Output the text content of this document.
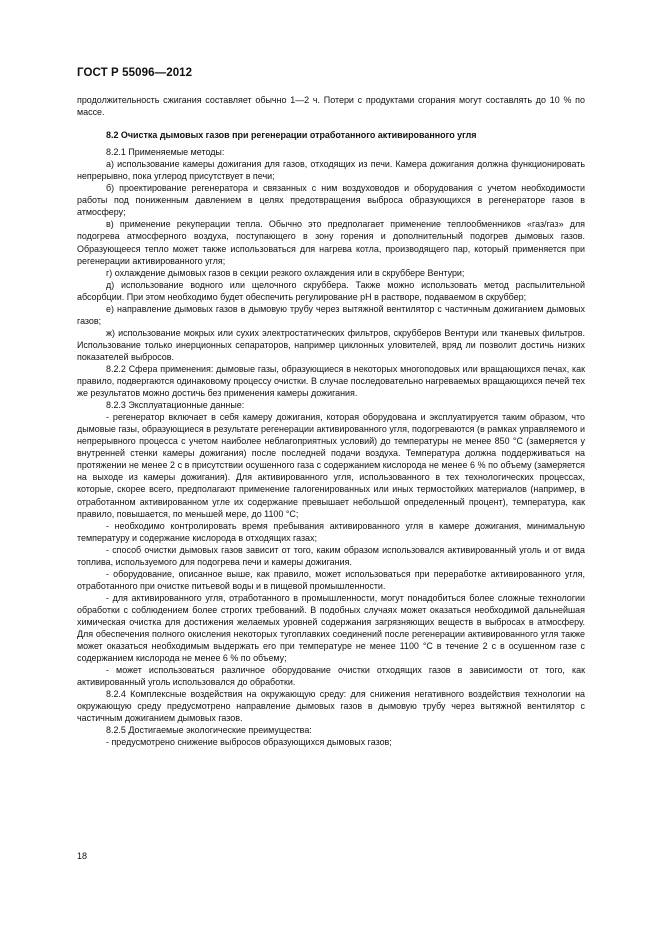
ГОСТ Р 55096—2012

продолжительность сжигания составляет обычно 1—2 ч. Потери с продуктами сгорания могут составлять до 10 % по массе.

8.2 Очистка дымовых газов при регенерации отработанного активированного угля

8.2.1 Применяемые методы:

а) использование камеры дожигания для газов, отходящих из печи. Камера дожигания должна функционировать непрерывно, пока углерод присутствует в печи;

б) проектирование регенератора и связанных с ним воздуховодов и оборудования с учетом необходимости работы под пониженным давлением в целях предотвращения выброса образующихся в регенераторе газов в атмосферу;

в) применение рекуперации тепла. Обычно это предполагает применение теплообменников «газ/газ» для подогрева атмосферного воздуха, поступающего в зону горения и дополнительный подогрев дымовых газов. Образующееся тепло может также использоваться для нагрева котла, производящего пар, который применяется при регенерации активированного угля;

г) охлаждение дымовых газов в секции резкого охлаждения или в скруббере Вентури;

д) использование водного или щелочного скруббера. Также можно использовать метод распылительной абсорбции. При этом необходимо будет обеспечить регулирование pH в растворе, подаваемом в скруббер;

е) направление дымовых газов в дымовую трубу через вытяжной вентилятор с частичным дожиганием дымовых газов;

ж) использование мокрых или сухих электростатических фильтров, скрубберов Вентури или тканевых фильтров. Использование только инерционных сепараторов, например циклонных уловителей, вряд ли позволит достичь низких показателей выбросов.

8.2.2 Сфера применения: дымовые газы, образующиеся в некоторых многоподовых или вращающихся печах, как правило, подвергаются одинаковому процессу очистки. В случае последовательно нагреваемых вращающихся печей тех же результатов можно достичь без применения камеры дожигания.

8.2.3 Эксплуатационные данные:

- регенератор включает в себя камеру дожигания, которая оборудована и эксплуатируется таким образом, что дымовые газы, образующиеся в результате регенерации активированного угля, подогреваются (в рамках управляемого и непрерывного процесса с учетом наиболее неблагоприятных условий) до температуры не менее 850 °С (замеряется у внутренней стенки камеры дожигания) после последней подачи воздуха. Температура должна поддерживаться на протяжении не менее 2 с в присутствии осушенного газа с содержанием кислорода не менее 6 % по объему (замеряется на выходе из камеры дожигания). Для активированного угля, использованного в тех технологических процессах, которые, скорее всего, предполагают применение галогенированных или иных термостойких материалов (например, в отработанном активированном угле их содержание превышает небольшой определенный процент), температура, как правило, повышается, по меньшей мере, до 1100 °С;

- необходимо контролировать время пребывания активированного угля в камере дожигания, минимальную температуру и содержание кислорода в отходящих газах;

- способ очистки дымовых газов зависит от того, каким образом использовался активированный уголь и от вида топлива, используемого для подогрева печи и камеры дожигания.

- оборудование, описанное выше, как правило, может использоваться при переработке активированного угля, отработанного при очистке питьевой воды и в пищевой промышленности.

- для активированного угля, отработанного в промышленности, могут понадобиться более сложные технологии обработки с соблюдением более строгих требований. В подобных случаях может оказаться необходимой дальнейшая химическая очистка для достижения желаемых уровней содержания загрязняющих веществ в выбросах в атмосферу. Для обеспечения полного окисления некоторых тугоплавких соединений после регенерации активированного угля также может оказаться необходимым выдержать его при температуре не менее 1100 °С в течение 2 с в осушенном газе с содержанием кислорода не менее 6 % по объему;

- может использоваться различное оборудование очистки отходящих газов в зависимости от того, как активированный уголь использовался до обработки.

8.2.4 Комплексные воздействия на окружающую среду: для снижения негативного воздействия технологии на окружающую среду предусмотрено направление дымовых газов в дымовую трубу через вытяжной вентилятор с частичным дожиганием дымовых газов.

8.2.5 Достигаемые экологические преимущества:

- предусмотрено снижение выбросов образующихся дымовых газов;

18
